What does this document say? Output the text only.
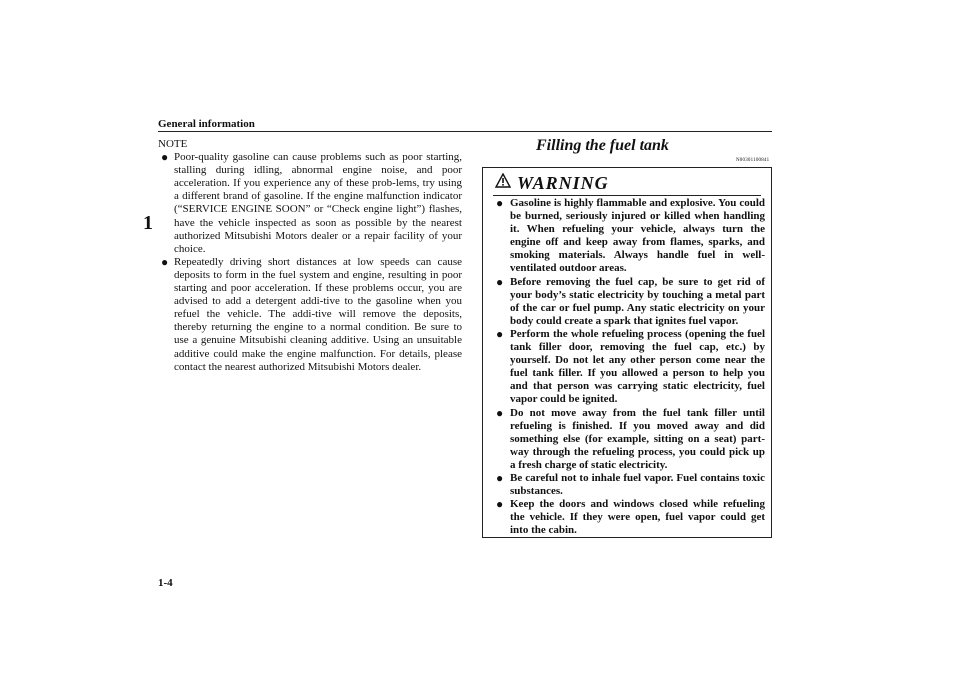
General information
1
NOTE
● Poor-quality gasoline can cause problems such as poor starting, stalling during idling, abnormal engine noise, and poor acceleration. If you experience any of these prob-lems, try using a different brand of gasoline. If the engine malfunction indicator (“SERVICE ENGINE SOON” or “Check engine light”) flashes, have the vehicle inspected as soon as possible by the nearest authorized Mitsubishi Motors dealer or a repair facility of your choice.
● Repeatedly driving short distances at low speeds can cause deposits to form in the fuel system and engine, resulting in poor starting and poor acceleration. If these problems occur, you are advised to add a detergent addi-tive to the gasoline when you refuel the vehicle. The addi-tive will remove the deposits, thereby returning the engine to a normal condition. Be sure to use a genuine Mitsubishi cleaning additive. Using an unsuitable additive could make the engine malfunction. For details, please contact the nearest authorized Mitsubishi Motors dealer.
Filling the fuel tank
N00301100841
WARNING
● Gasoline is highly flammable and explosive. You could be burned, seriously injured or killed when handling it. When refueling your vehicle, always turn the engine off and keep away from flames, sparks, and smoking materials. Always handle fuel in well-ventilated outdoor areas.
● Before removing the fuel cap, be sure to get rid of your body’s static electricity by touching a metal part of the car or fuel pump. Any static electricity on your body could create a spark that ignites fuel vapor.
● Perform the whole refueling process (opening the fuel tank filler door, removing the fuel cap, etc.) by yourself. Do not let any other person come near the fuel tank filler. If you allowed a person to help you and that person was carrying static electricity, fuel vapor could be ignited.
● Do not move away from the fuel tank filler until refueling is finished. If you moved away and did something else (for example, sitting on a seat) part-way through the refueling process, you could pick up a fresh charge of static electricity.
● Be careful not to inhale fuel vapor. Fuel contains toxic substances.
● Keep the doors and windows closed while refueling the vehicle. If they were open, fuel vapor could get into the cabin.
1-4
